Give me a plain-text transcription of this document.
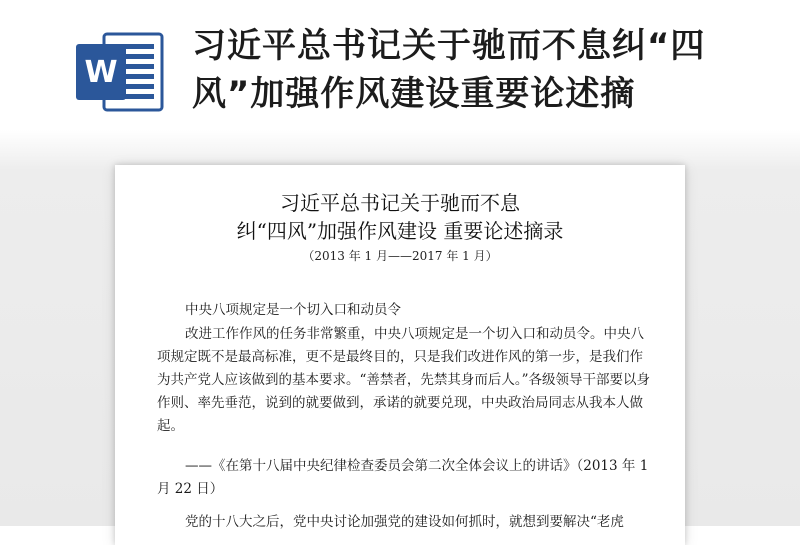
W
习近平总书记关于驰而不息纠“四风”加强作风建设重要论述摘
习近平总书记关于驰而不息
纠“四风”加强作风建设 重要论述摘录
（2013 年 1 月——2017 年 1 月）

中央八项规定是一个切入口和动员令

改进工作作风的任务非常繁重，中央八项规定是一个切入口和动员令。中央八项规定既不是最高标准，更不是最终目的，只是我们改进作风的第一步，是我们作为共产党人应该做到的基本要求。“善禁者，先禁其身而后人。”各级领导干部要以身作则、率先垂范，说到的就要做到，承诺的就要兑现，中央政治局同志从我本人做起。

——《在第十八届中央纪律检查委员会第二次全体会议上的讲话》（2013 年 1 月 22 日）

党的十八大之后，党中央讨论加强党的建设如何抓时，就想到要解决“老虎
